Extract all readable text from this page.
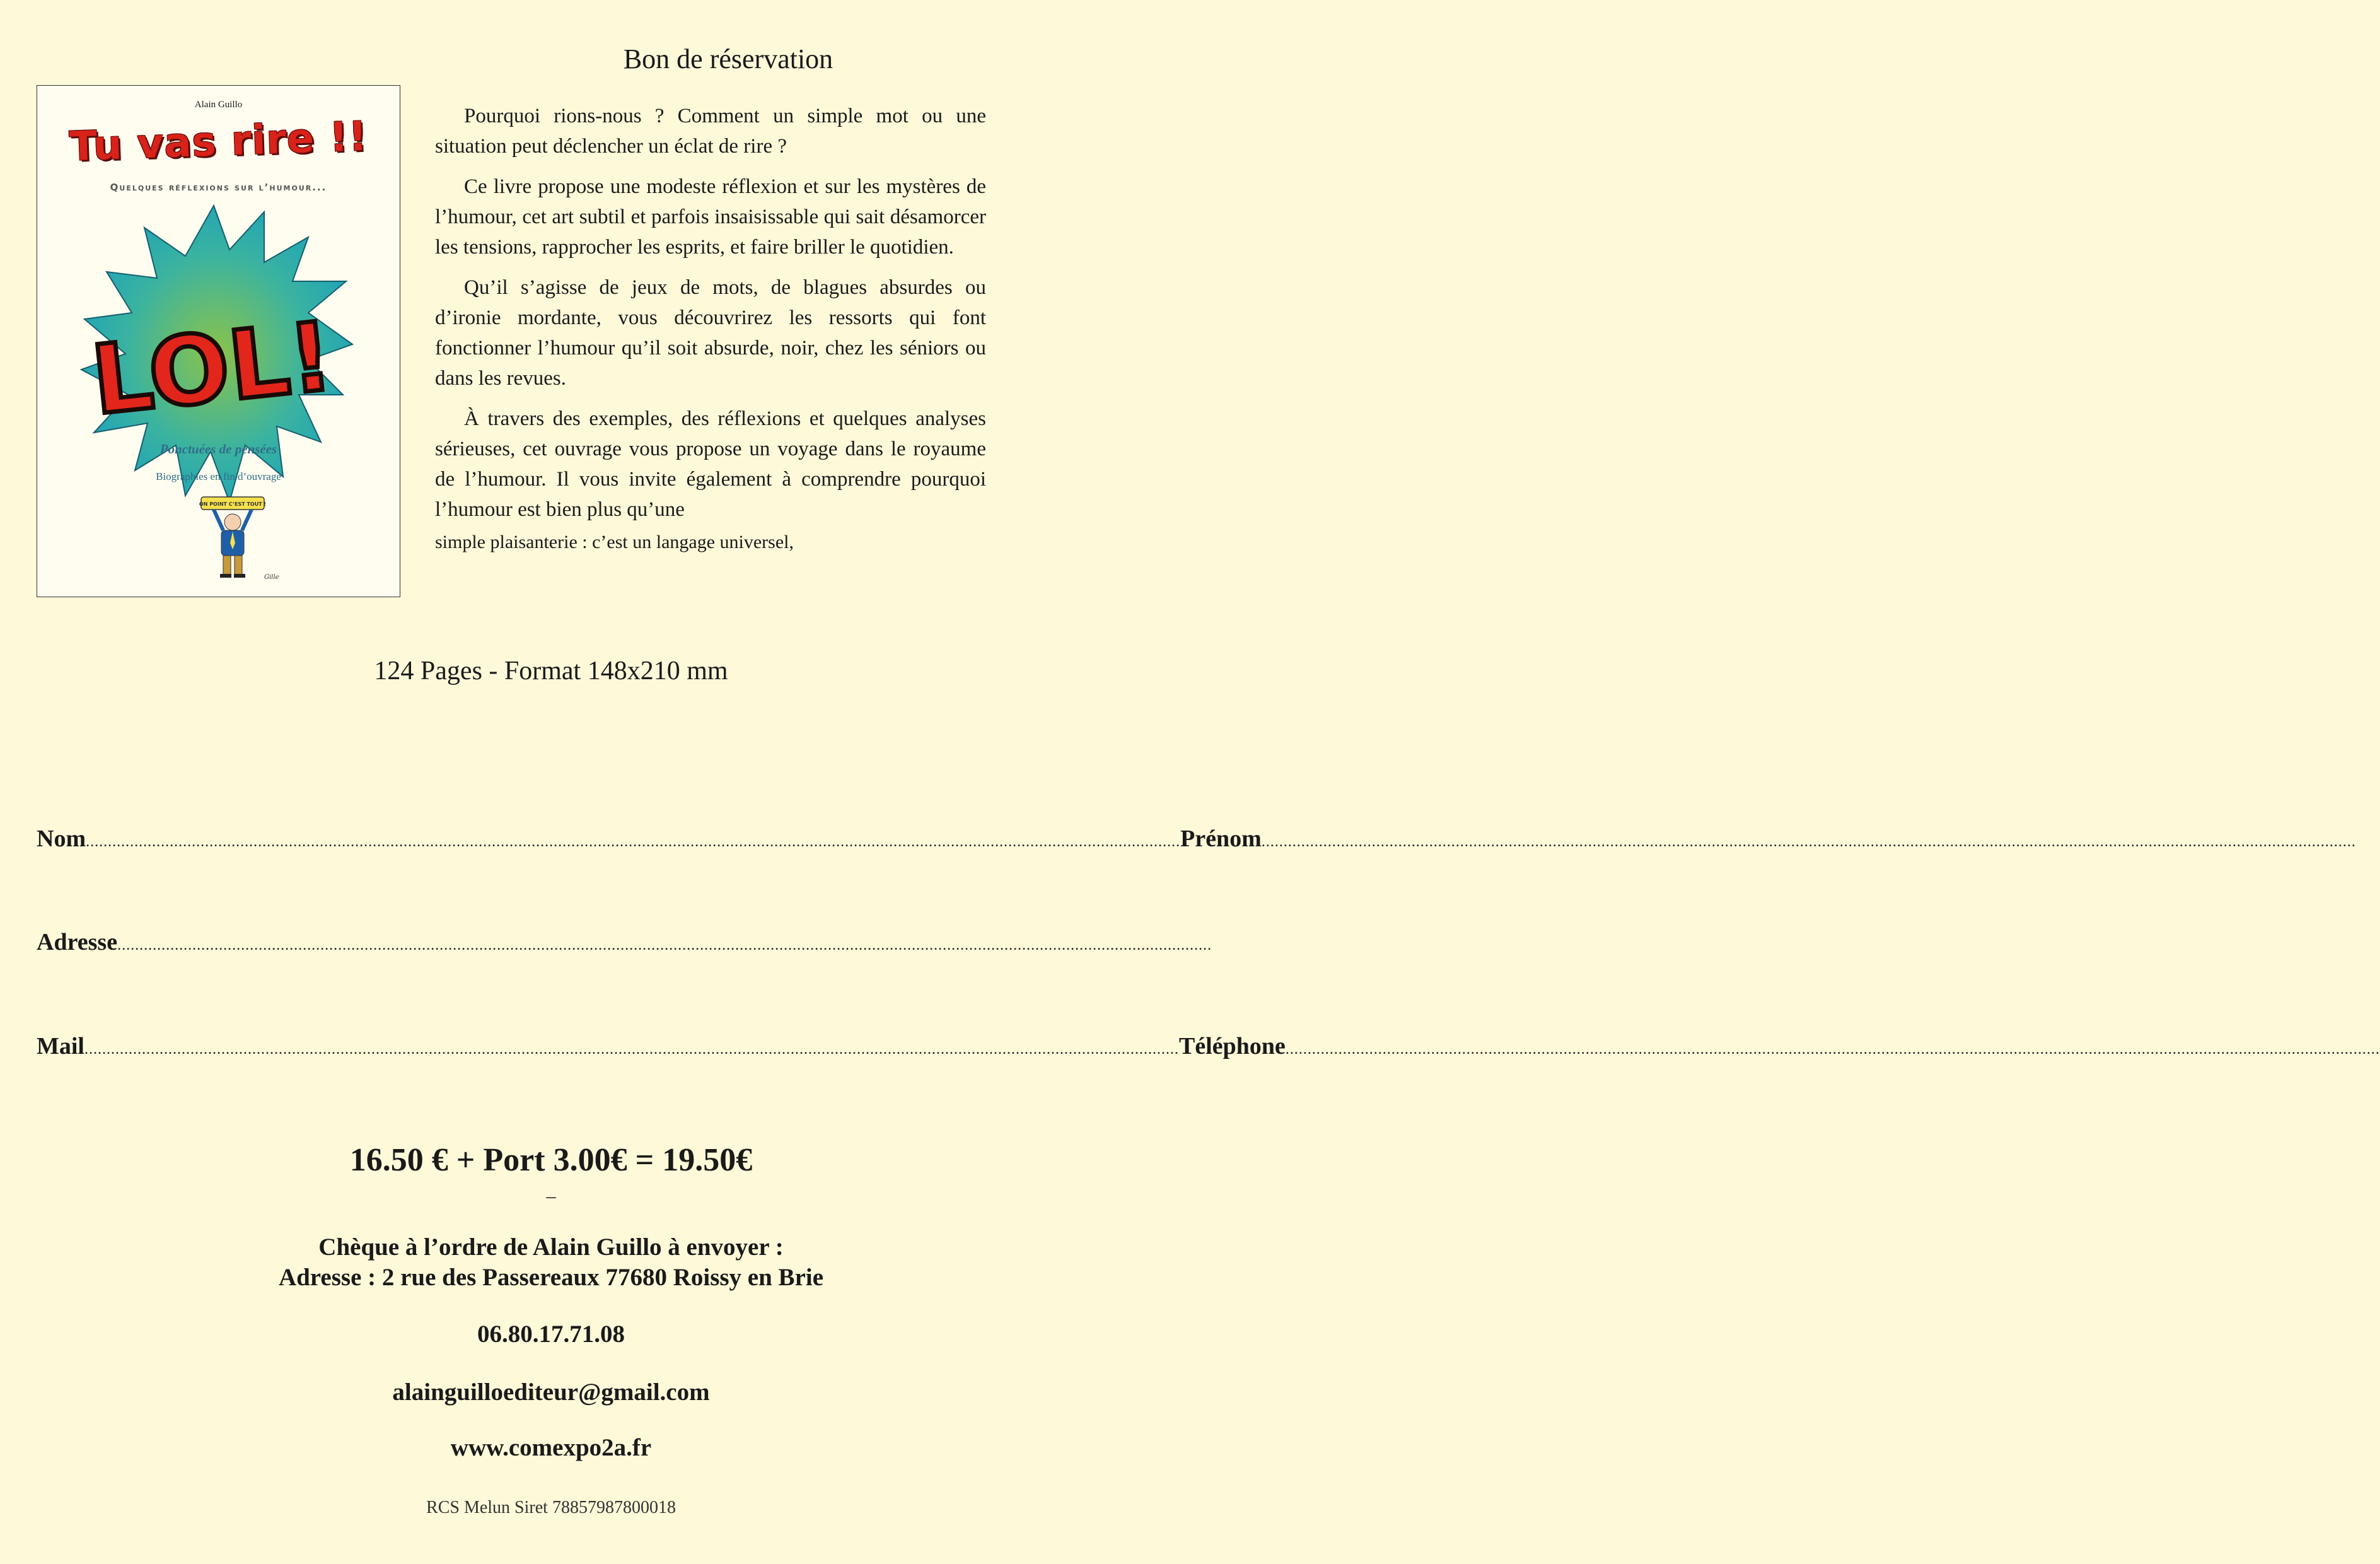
Alain Guillo
Tu vas rire !!
Quelques réflexions sur l’humour...
LOL!
Ponctuées de pensées
Biographies en fin d’ouvrage
ON POINT C’EST TOUT !
Gille
Bon de réservation

Pourquoi rions-nous ? Comment un simple mot ou une situation peut déclencher un éclat de rire ?

Ce livre propose une modeste réflexion et sur les mystères de l’humour, cet art subtil et parfois insaisissable qui sait désamorcer les tensions, rapprocher les esprits, et faire briller le quotidien.

Qu’il s’agisse de jeux de mots, de blagues absurdes ou d’ironie mordante, vous découvrirez les ressorts qui font fonctionner l’humour qu’il soit absurde, noir, chez les séniors ou dans les revues.

À travers des exemples, des réflexions et quelques analyses sérieuses, cet ouvrage vous propose un voyage dans le royaume de l’humour. Il vous invite également à comprendre pourquoi l’humour est bien plus qu’une

simple plaisanterie : c’est un langage universel,

124 Pages - Format 148x210 mm
Nom .....	Prénom
.....
Adresse
.....
Mail .....	Téléphone
.....
16.50 € + Port 3.00€ = 19.50€
–
Chèque à l’ordre de Alain Guillo à envoyer :
Adresse : 2 rue des Passereaux 77680 Roissy en Brie
06.80.17.71.08
alainguilloediteur@gmail.com
www.comexpo2a.fr
RCS Melun Siret 78857987800018
